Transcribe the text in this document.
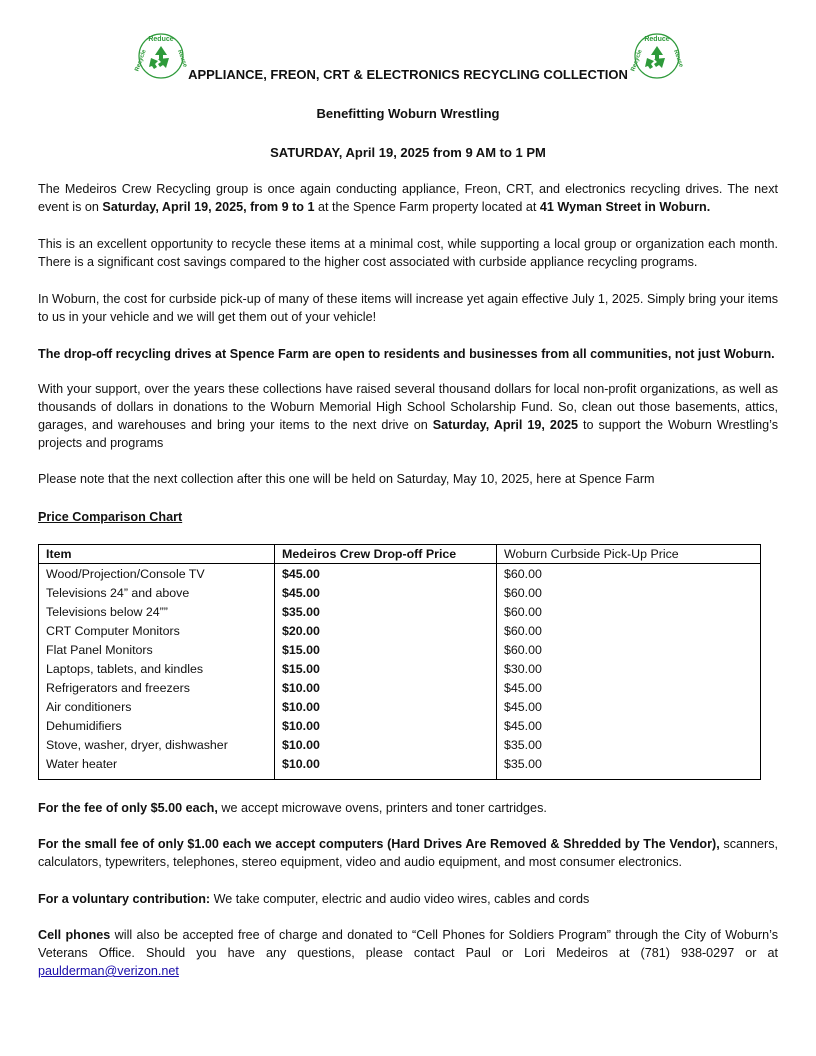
Reduce
Reuse
Recycle
Reduce
Reuse
Recycle
APPLIANCE, FREON, CRT & ELECTRONICS RECYCLING COLLECTION
Benefitting Woburn Wrestling
SATURDAY, April 19, 2025 from 9 AM to 1 PM

The Medeiros Crew Recycling group is once again conducting appliance, Freon, CRT, and electronics recycling drives. The next event is on Saturday, April 19, 2025, from 9 to 1 at the Spence Farm property located at 41 Wyman Street in Woburn.

This is an excellent opportunity to recycle these items at a minimal cost, while supporting a local group or organization each month. There is a significant cost savings compared to the higher cost associated with curbside appliance recycling programs.

In Woburn, the cost for curbside pick-up of many of these items will increase yet again effective July 1, 2025. Simply bring your items to us in your vehicle and we will get them out of your vehicle!

The drop-off recycling drives at Spence Farm are open to residents and businesses from all communities, not just Woburn.

With your support, over the years these collections have raised several thousand dollars for local non-profit organizations, as well as thousands of dollars in donations to the Woburn Memorial High School Scholarship Fund. So, clean out those basements, attics, garages, and warehouses and bring your items to the next drive on Saturday, April 19, 2025 to support the Woburn Wrestling’s projects and programs

Please note that the next collection after this one will be held on Saturday, May 10, 2025, here at Spence Farm

Price Comparison Chart
Item	Medeiros Crew Drop-off Price	Woburn Curbside Pick-Up Price
Wood/Projection/Console TV	$45.00	$60.00
Televisions 24” and above	$45.00	$60.00
Televisions below 24””	$35.00	$60.00
CRT Computer Monitors	$20.00	$60.00
Flat Panel Monitors	$15.00	$60.00
Laptops, tablets, and kindles	$15.00	$30.00
Refrigerators and freezers	$10.00	$45.00
Air conditioners	$10.00	$45.00
Dehumidifiers	$10.00	$45.00
Stove, washer, dryer, dishwasher	$10.00	$35.00
Water heater	$10.00	$35.00

For the fee of only $5.00 each, we accept microwave ovens, printers and toner cartridges.

For the small fee of only $1.00 each we accept computers (Hard Drives Are Removed & Shredded by The Vendor), scanners, calculators, typewriters, telephones, stereo equipment, video and audio equipment, and most consumer electronics.

For a voluntary contribution: We take computer, electric and audio video wires, cables and cords

Cell phones will also be accepted free of charge and donated to “Cell Phones for Soldiers Program” through the City of Woburn’s Veterans Office. Should you have any questions, please contact Paul or Lori Medeiros at (781) 938-0297 or at paulderman@verizon.net
